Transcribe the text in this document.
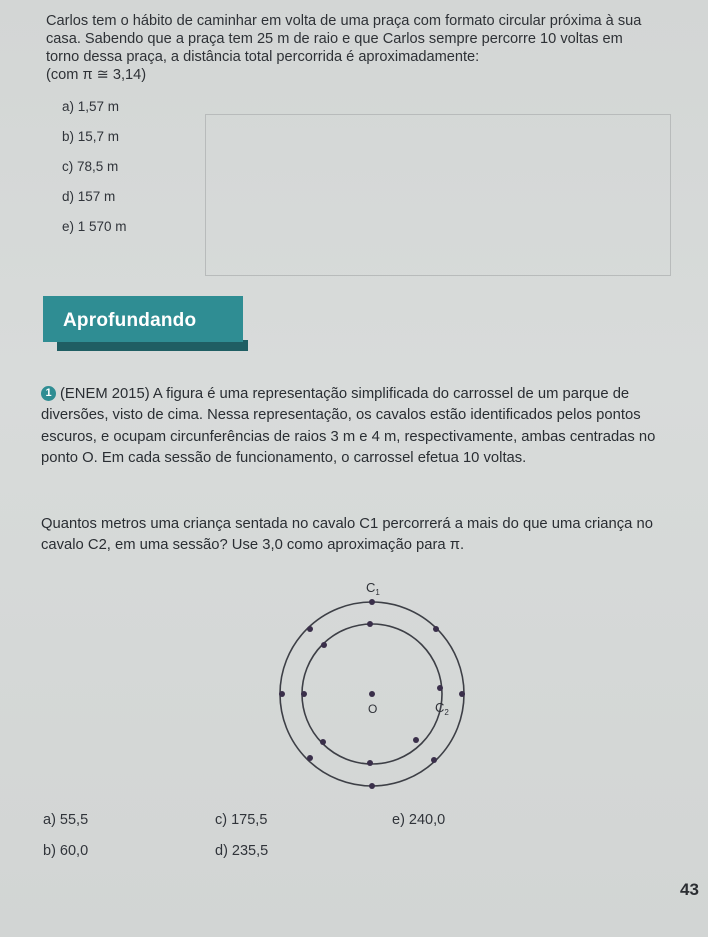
Carlos tem o hábito de caminhar em volta de uma praça com formato circular próxima à sua casa. Sabendo que a praça tem 25 m de raio e que Carlos sempre percorre 10 voltas em torno dessa praça, a distância total percorrida é aproximadamente:
(com π ≅ 3,14)
a) 1,57 m
b) 15,7 m
c) 78,5 m
d) 157 m
e) 1 570 m
Aprofundando
1 (ENEM 2015) A figura é uma representação simplificada do carrossel de um parque de diversões, visto de cima. Nessa representação, os cavalos estão identificados pelos pontos escuros, e ocupam circunferências de raios 3 m e 4 m, respectivamente, ambas centradas no ponto O. Em cada sessão de funcionamento, o carrossel efetua 10 voltas.
Quantos metros uma criança sentada no cavalo C1 percorrerá a mais do que uma criança no cavalo C2, em uma sessão? Use 3,0 como aproximação para π.
$C_1$
O	$C_2$
a) 55,5
b) 60,0
c) 175,5
d) 235,5
e) 240,0
43
